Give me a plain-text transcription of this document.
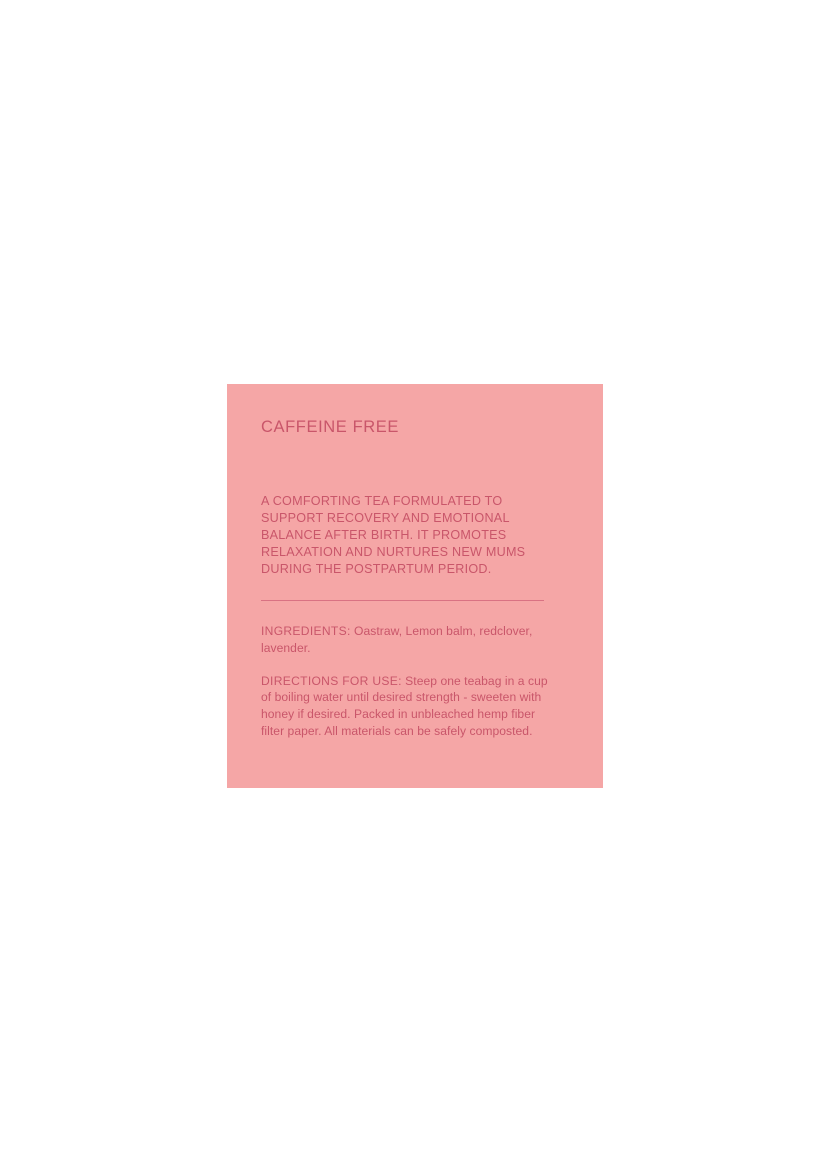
CAFFEINE FREE

A COMFORTING TEA FORMULATED TO SUPPORT RECOVERY AND EMOTIONAL BALANCE AFTER BIRTH. IT PROMOTES RELAXATION AND NURTURES NEW MUMS DURING THE POSTPARTUM PERIOD.

INGREDIENTS: Oastraw, Lemon balm, redclover, lavender.

DIRECTIONS FOR USE: Steep one teabag in a cup of boiling water until desired strength - sweeten with honey if desired. Packed in unbleached hemp fiber filter paper. All materials can be safely composted.
